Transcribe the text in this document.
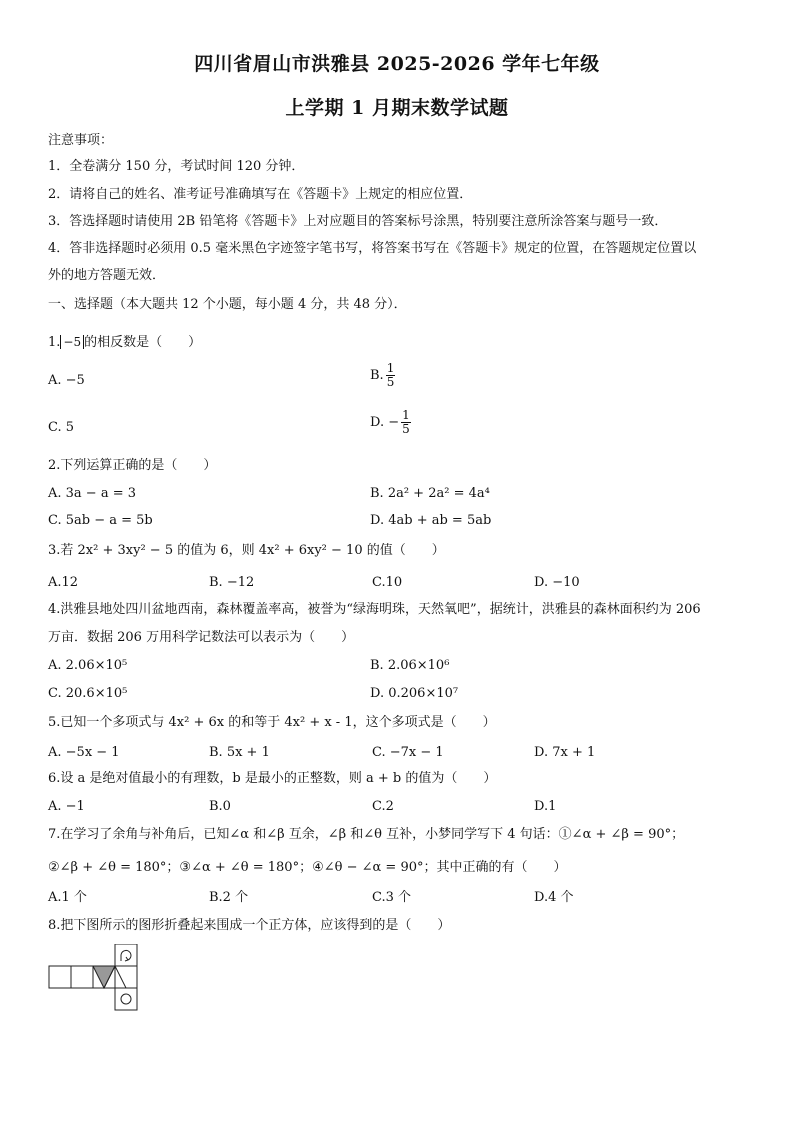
四川省眉山市洪雅县 2025-2026 学年七年级
上学期 1 月期末数学试题
注意事项：
1．全卷满分 150 分，考试时间 120 分钟．
2．请将自己的姓名、准考证号准确填写在《答题卡》上规定的相应位置．
3．答选择题时请使用 2B 铅笔将《答题卡》上对应题目的答案标号涂黑，特别要注意所涂答案与题号一致．
4．答非选择题时必须用 0.5 毫米黑色字迹签字笔书写，将答案书写在《答题卡》规定的位置，在答题规定位置以
外的地方答题无效．
一、选择题（本大题共 12 个小题，每小题 4 分，共 48 分）．
1. −5 的相反数是（　　）
A. −5	B. $\frac{1}{5}$
C. 5	D. − $\frac{1}{5}$
2.下列运算正确的是（　　）
A. 3a − a = 3	B. 2a² + 2a² = 4a⁴
C. 5ab − a = 5b	D. 4ab + ab = 5ab
3.若 2x² + 3xy² − 5 的值为 6，则 4x² + 6xy² − 10 的值（　　）
A.12	B. −12	C.10	D. −10
4.洪雅县地处四川盆地西南，森林覆盖率高，被誉为“绿海明珠，天然氧吧”，据统计，洪雅县的森林面积约为 206
万亩．数据 206 万用科学记数法可以表示为（　　）
A. 2.06×10⁵	B. 2.06×10⁶
C. 20.6×10⁵	D. 0.206×10⁷
5.已知一个多项式与 4x² + 6x 的和等于 4x² + x - 1，这个多项式是（　　）
A. −5x − 1	B. 5x + 1	C. −7x − 1	D. 7x + 1
6.设 a 是绝对值最小的有理数，b 是最小的正整数，则 a + b 的值为（　　）
A. −1	B.0	C.2	D.1
7.在学习了余角与补角后，已知∠α 和∠β 互余，∠β 和∠θ 互补，小梦同学写下 4 句话：①∠α + ∠β = 90°；
②∠β + ∠θ = 180°；③∠α + ∠θ = 180°；④∠θ − ∠α = 90°；其中正确的有（　　）
A.1 个	B.2 个	C.3 个	D.4 个
8.把下图所示的图形折叠起来围成一个正方体，应该得到的是（　　）
